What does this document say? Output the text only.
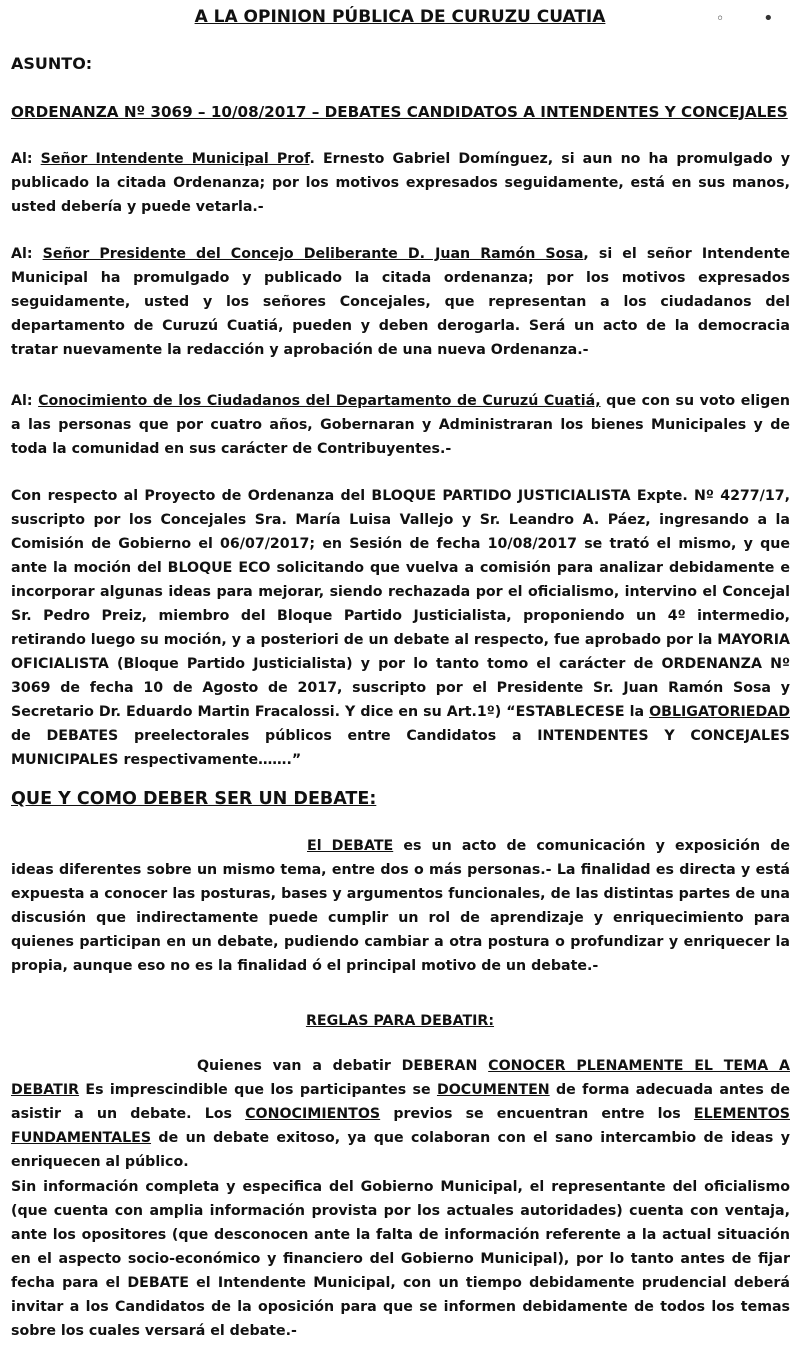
◦ •
A LA OPINION PÚBLICA DE CURUZU CUATIA
ASUNTO:
ORDENANZA Nº 3069 – 10/08/2017 – DEBATES CANDIDATOS A INTENDENTES Y CONCEJALES

Al: Señor Intendente Municipal Prof. Ernesto Gabriel Domínguez, si aun no ha promulgado y publicado la citada Ordenanza; por los motivos expresados seguidamente, está en sus manos, usted debería y puede vetarla.-

Al: Señor Presidente del Concejo Deliberante D. Juan Ramón Sosa, si el señor Intendente Municipal ha promulgado y publicado la citada ordenanza; por los motivos expresados seguidamente, usted y los señores Concejales, que representan a los ciudadanos del departamento de Curuzú Cuatiá, pueden y deben derogarla. Será un acto de la democracia tratar nuevamente la redacción y aprobación de una nueva Ordenanza.-

Al: Conocimiento de los Ciudadanos del Departamento de Curuzú Cuatiá, que con su voto eligen a las personas que por cuatro años, Gobernaran y Administraran los bienes Municipales y de toda la comunidad en sus carácter de Contribuyentes.-

Con respecto al Proyecto de Ordenanza del BLOQUE PARTIDO JUSTICIALISTA Expte. Nº 4277/17, suscripto por los Concejales Sra. María Luisa Vallejo y Sr. Leandro A. Páez, ingresando a la Comisión de Gobierno el 06/07/2017; en Sesión de fecha 10/08/2017 se trató el mismo, y que ante la moción del BLOQUE ECO solicitando que vuelva a comisión para analizar debidamente e incorporar algunas ideas para mejorar, siendo rechazada por el oficialismo, intervino el Concejal Sr. Pedro Preiz, miembro del Bloque Partido Justicialista, proponiendo un 4º intermedio, retirando luego su moción, y a posteriori de un debate al respecto, fue aprobado por la MAYORIA OFICIALISTA (Bloque Partido Justicialista) y por lo tanto tomo el carácter de ORDENANZA Nº 3069 de fecha 10 de Agosto de 2017, suscripto por el Presidente Sr. Juan Ramón Sosa y Secretario Dr. Eduardo Martin Fracalossi. Y dice en su Art.1º) “ESTABLECESE la OBLIGATORIEDAD de DEBATES preelectorales públicos entre Candidatos a INTENDENTES Y CONCEJALES MUNICIPALES respectivamente…….”

QUE Y COMO DEBER SER UN DEBATE:

El DEBATE es un acto de comunicación y exposición de ideas diferentes sobre un mismo tema, entre dos o más personas.- La finalidad es directa y está expuesta a conocer las posturas, bases y argumentos funcionales, de las distintas partes de una discusión que indirectamente puede cumplir un rol de aprendizaje y enriquecimiento para quienes participan en un debate, pudiendo cambiar a otra postura o profundizar y enriquecer la propia, aunque eso no es la finalidad ó el principal motivo de un debate.-

REGLAS PARA DEBATIR:

Quienes van a debatir DEBERAN CONOCER PLENAMENTE EL TEMA A DEBATIR Es imprescindible que los participantes se DOCUMENTEN de forma adecuada antes de asistir a un debate. Los CONOCIMIENTOS previos se encuentran entre los ELEMENTOS FUNDAMENTALES de un debate exitoso, ya que colaboran con el sano intercambio de ideas y enriquecen al público.

Sin información completa y especifica del Gobierno Municipal, el representante del oficialismo (que cuenta con amplia información provista por los actuales autoridades) cuenta con ventaja, ante los opositores (que desconocen ante la falta de información referente a la actual situación en el aspecto socio-económico y financiero del Gobierno Municipal), por lo tanto antes de fijar fecha para el DEBATE el Intendente Municipal, con un tiempo debidamente prudencial deberá invitar a los Candidatos de la oposición para que se informen debidamente de todos los temas sobre los cuales versará el debate.-
